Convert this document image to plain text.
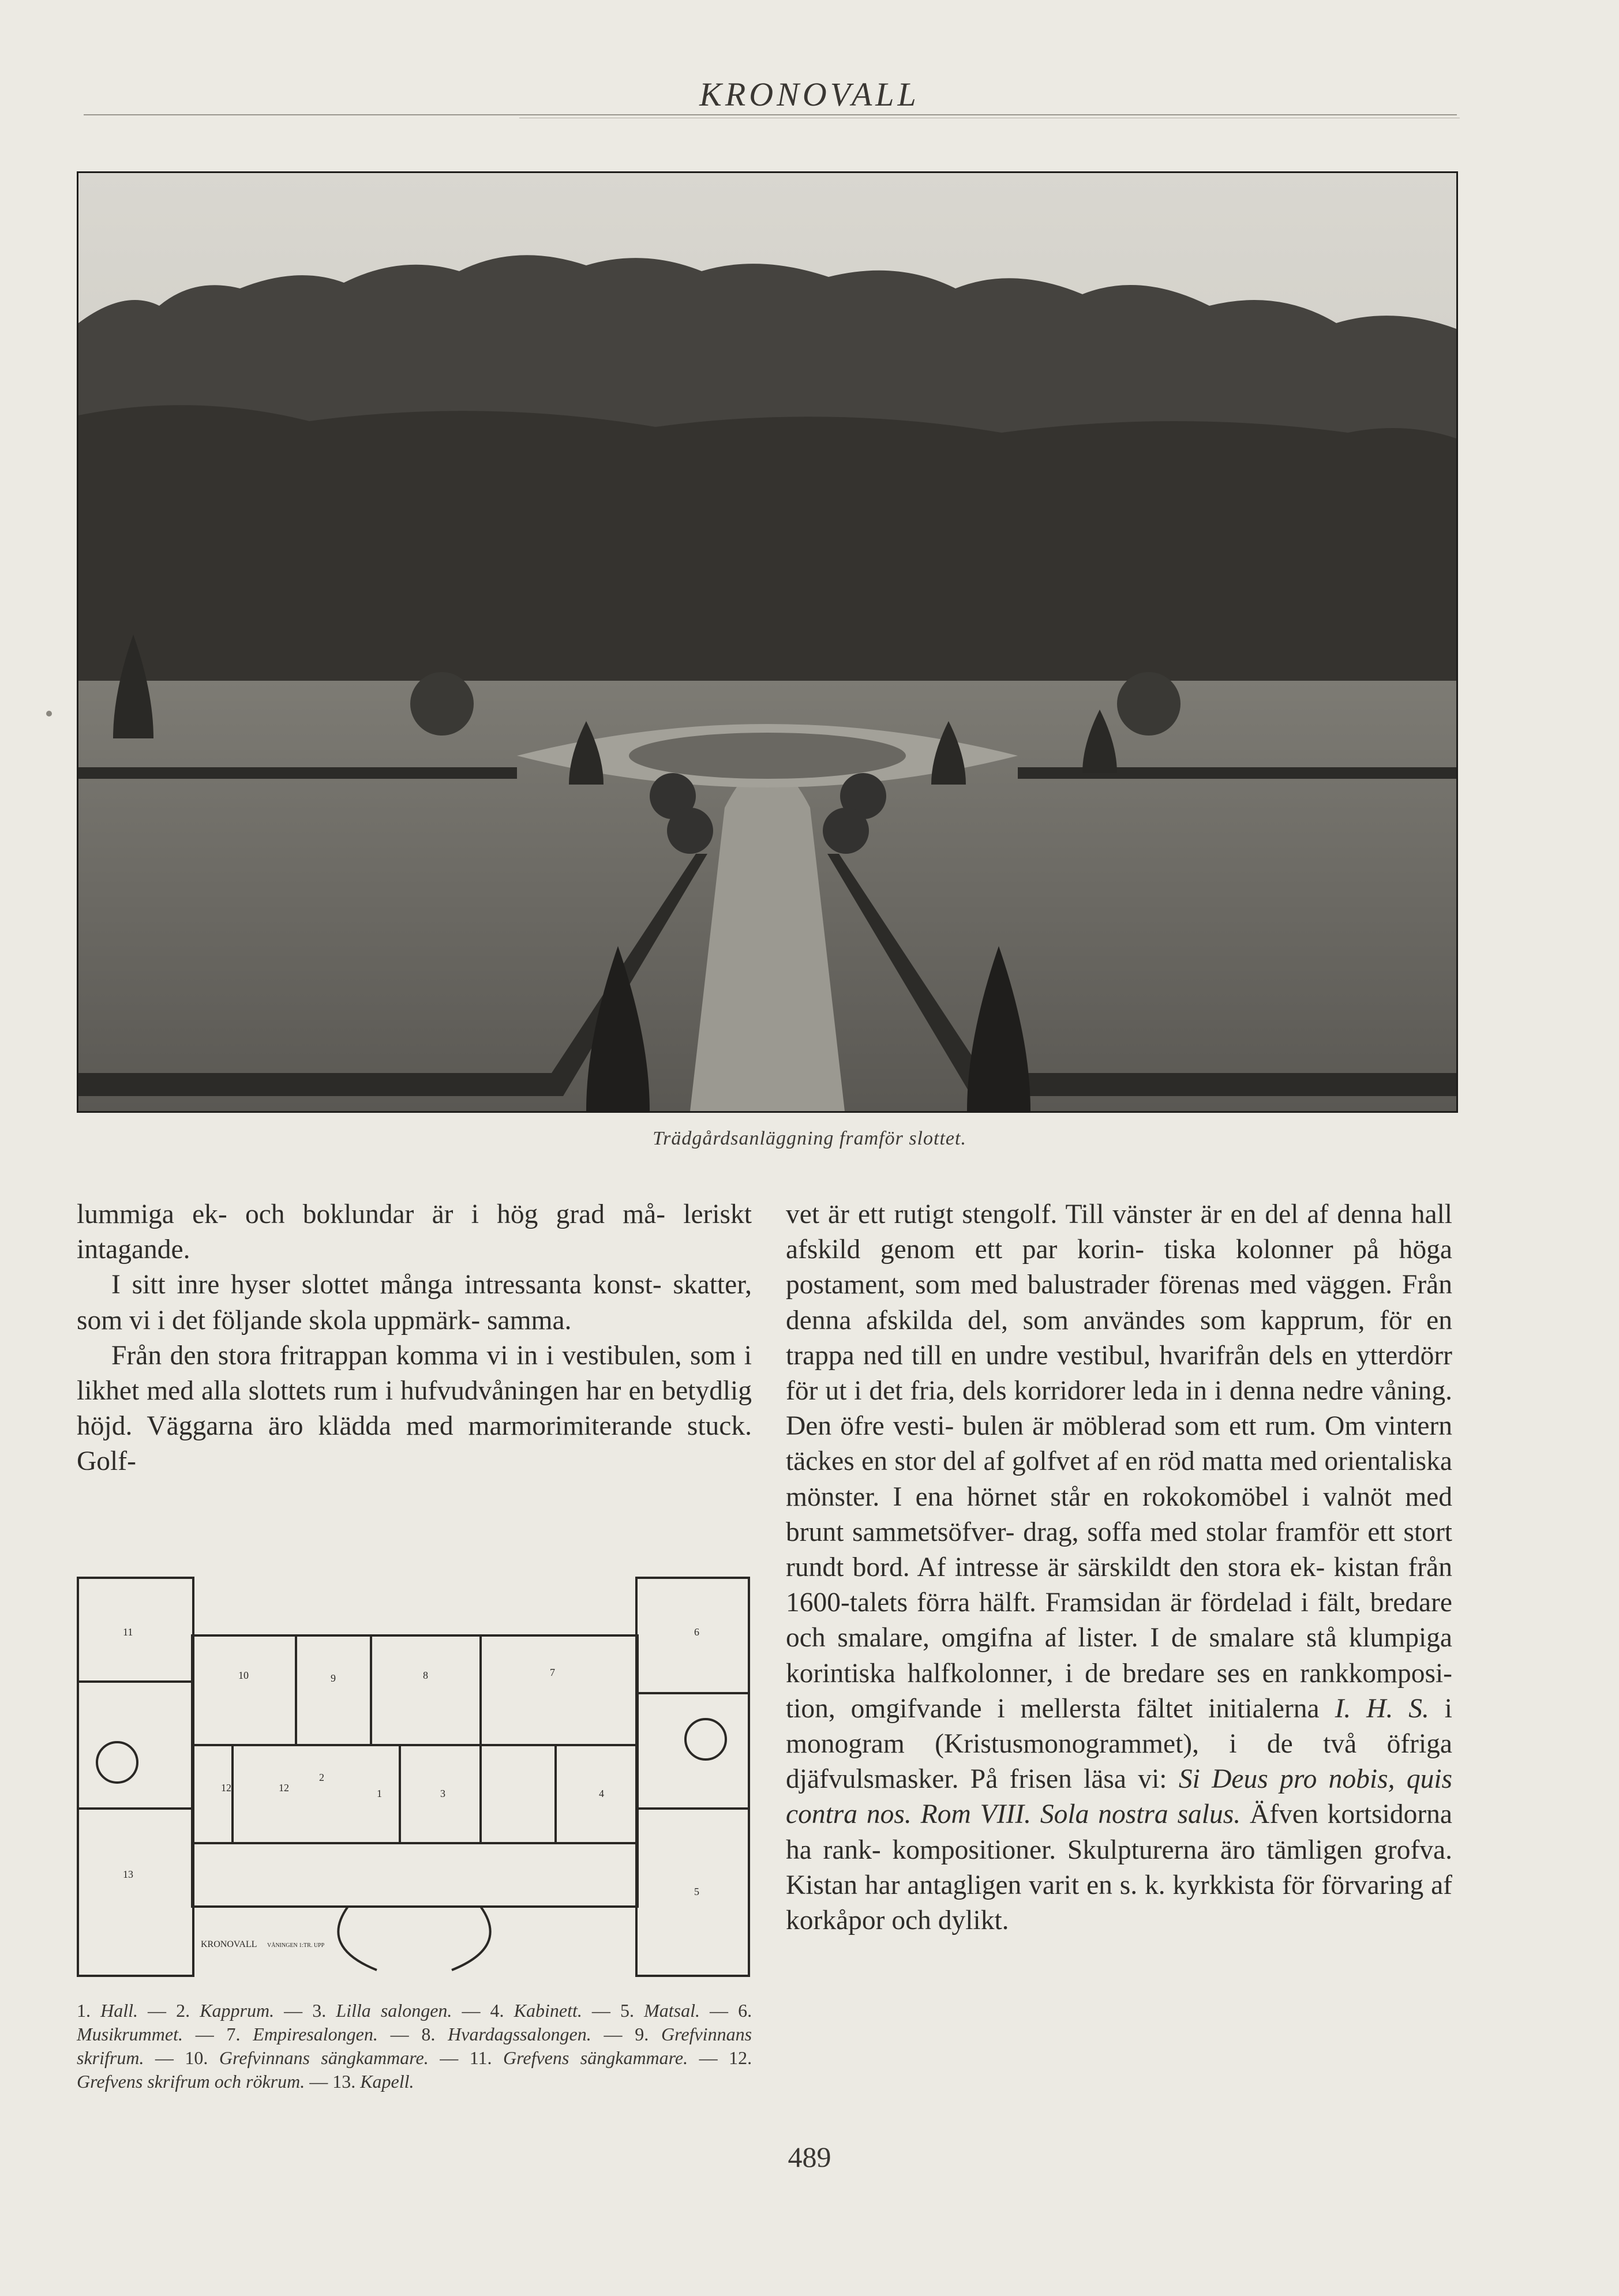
KRONOVALL
Trädgårdsanläggning framför slottet.

lummiga ek- och boklundar är i hög grad må- leriskt intagande.

I sitt inre hyser slottet många intressanta konst- skatter, som vi i det följande skola uppmärk- samma.

Från den stora fritrappan komma vi in i vestibulen, som i likhet med alla slottets rum i hufvudvåningen har en betydlig höjd. Väggarna äro klädda med marmorimiterande stuck. Golf-

1
2
3	4
5
6
7
8
9
10
11
12	12
13
KRONOVALL VÅNINGEN 1:TR. UPP
1. Hall. — 2. Kapprum. — 3. Lilla salongen. — 4. Kabinett. — 5. Matsal. — 6. Musikrummet. — 7. Empiresalongen. — 8. Hvardagssalongen. — 9. Grefvinnans skrifrum. — 10. Grefvinnans sängkammare. — 11. Grefvens sängkammare. — 12. Grefvens skrifrum och rökrum. — 13. Kapell.

vet är ett rutigt stengolf. Till vänster är en del af denna hall afskild genom ett par korin- tiska kolonner på höga postament, som med balustrader förenas med väggen. Från denna afskilda del, som användes som kapprum, för en trappa ned till en undre vestibul, hvarifrån dels en ytterdörr för ut i det fria, dels korridorer leda in i denna nedre våning. Den öfre vesti- bulen är möblerad som ett rum. Om vintern täckes en stor del af golfvet af en röd matta med orientaliska mönster. I ena hörnet står en rokokomöbel i valnöt med brunt sammetsöfver- drag, soffa med stolar framför ett stort rundt bord. Af intresse är särskildt den stora ek- kistan från 1600-talets förra hälft. Framsidan är fördelad i fält, bredare och smalare, omgifna af lister. I de smalare stå klumpiga korintiska halfkolonner, i de bredare ses en rankkomposi- tion, omgifvande i mellersta fältet initialerna I. H. S. i monogram (Kristusmonogrammet), i de två öfriga djäfvulsmasker. På frisen läsa vi: Si Deus pro nobis, quis contra nos. Rom VIII. Sola nostra salus. Äfven kortsidorna ha rank- kompositioner. Skulpturerna äro tämligen grofva. Kistan har antagligen varit en s. k. kyrkkista för förvaring af korkåpor och dylikt.

489
